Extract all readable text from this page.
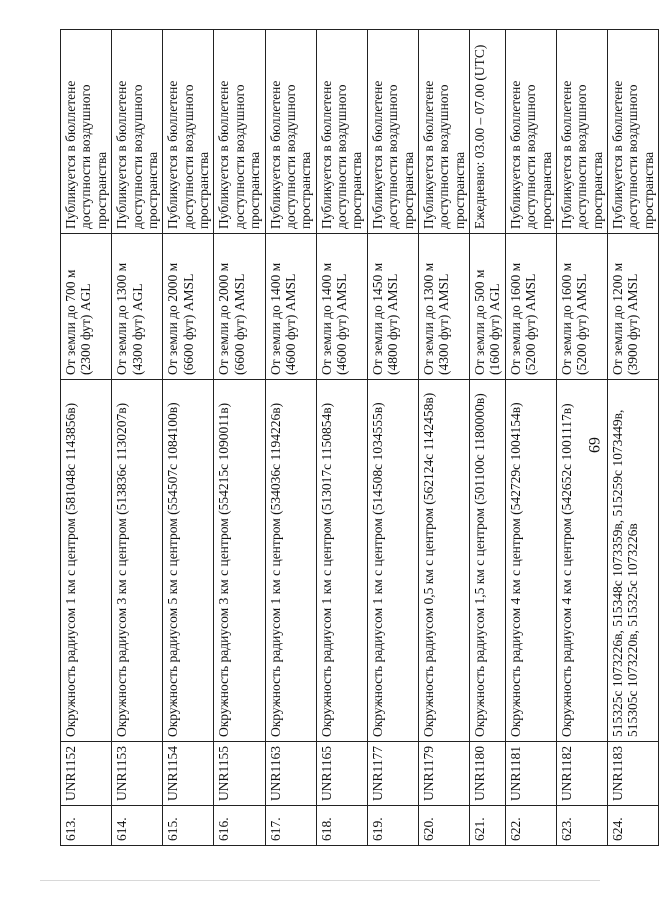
69
613.	UNR1152	Окружность радиусом 1 км с центром (581048с 1143856в)	От земли до 700 м (2300 фут) AGL	Публикуется в бюллетене доступности воздушного пространства
614.	UNR1153	Окружность радиусом 3 км с центром (513836с 1130207в)	От земли до 1300 м (4300 фут) AGL	Публикуется в бюллетене доступности воздушного пространства
615.	UNR1154	Окружность радиусом 5 км с центром (554507с 1084100в)	От земли до 2000 м (6600 фут) AMSL	Публикуется в бюллетене доступности воздушного пространства
616.	UNR1155	Окружность радиусом 3 км с центром (554215с 1090011в)	От земли до 2000 м (6600 фут) AMSL	Публикуется в бюллетене доступности воздушного пространства
617.	UNR1163	Окружность радиусом 1 км с центром (534036с 1194226в)	От земли до 1400 м (4600 фут) AMSL	Публикуется в бюллетене доступности воздушного пространства
618.	UNR1165	Окружность радиусом 1 км с центром (513017с 1150854в)	От земли до 1400 м (4600 фут) AMSL	Публикуется в бюллетене доступности воздушного пространства
619.	UNR1177	Окружность радиусом 1 км с центром (514508с 1034555в)	От земли до 1450 м (4800 фут) AMSL	Публикуется в бюллетене доступности воздушного пространства
620.	UNR1179	Окружность радиусом 0,5 км с центром (562124с 1142458в)	От земли до 1300 м (4300 фут) AMSL	Публикуется в бюллетене доступности воздушного пространства
621.	UNR1180	Окружность радиусом 1,5 км с центром (501100с 1180000в)	От земли до 500 м (1600 фут) AGL	Ежедневно: 03.00 – 07.00 (UTC)
622.	UNR1181	Окружность радиусом 4 км с центром (542729с 1004154в)	От земли до 1600 м (5200 фут) AMSL	Публикуется в бюллетене доступности воздушного пространства
623.	UNR1182	Окружность радиусом 4 км с центром (542652с 1001117в)	От земли до 1600 м (5200 фут) AMSL	Публикуется в бюллетене доступности воздушного пространства
624.	UNR1183	515325с 1073226в, 515348с 1073359в, 515259с 1073449в, 515305с 1073220в, 515325с 1073226в	От земли до 1200 м (3900 фут) AMSL	Публикуется в бюллетене доступности воздушного пространства
